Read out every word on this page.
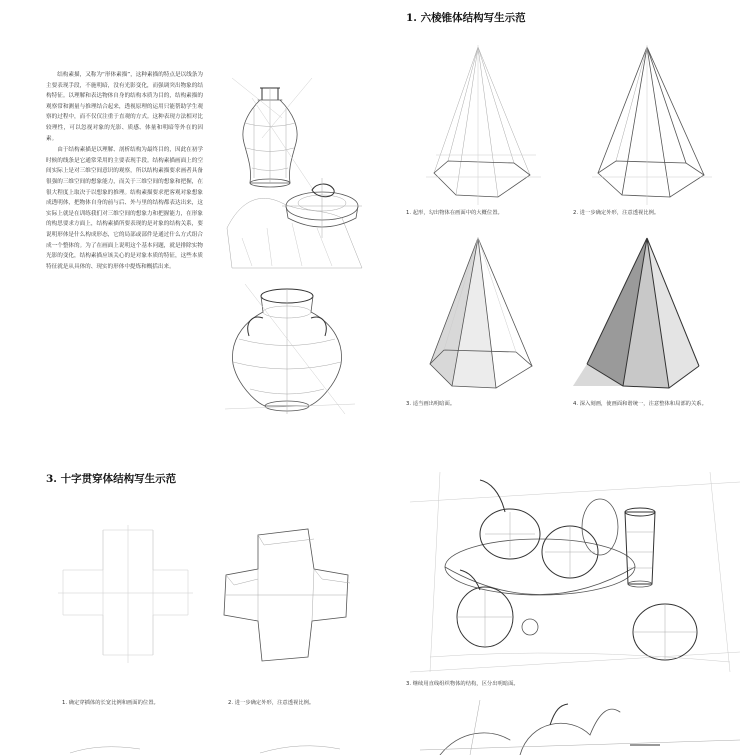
1. 六棱锥体结构写生示范

结构素描，又称为“形体素描”，这种素描的特点是以线条为主要表现手段，不施明暗，没有光影变化，而强调突出物象的结构特征。以理解和表达物体自身的结构本质为目的，结构素描的观察常和测量与推理结合起来，透视原理的运用只能帮助学生观察的过程中，而不仅仅注重于直观的方式。这种表现方法相对比较理性，可以忽视对象的光影、质感、体量和明暗等外在的因素。

由于结构素描是以理解、剖析结构为最终目的，因此在初学时候的线条是它通常采用的主要表现手段。结构素描画面上的空间实际上是对三维空间意识的观察，所以结构素描要求画者具备很强的三维空间的想象能力，而关于三维空间的想象和把握，在很大程度上取决于以想象的推理。结构素描要求把客观对象想象成透明体，把物体自身的前与后、外与里的结构都表达出来，这实际上就是在训练我们对三维空间的想象力和把握能力，在形象的构思要求方面上，结构素描所要表现的是对象的结构关系，要说明形体是什么构成形态，它的局部或部件是通过什么方式组合成一个整体的。为了在画面上说明这个基本问题，就是排除实物光影的变化，结构素描应该关心的是对象本质的特征，这些本质特征就是从具体的、现实的形体中提炼和概括出来。

1. 起形，勾出物体在画面中的大概位置。	2. 进一步确定外形，注意透视比例。
3. 适当画出明暗面。	4. 深入刻画，使画面和谐统一，注意整体和局部的关系。
3. 十字贯穿体结构写生示范
1. 确定穿插体的长宽比例和画面的位置。	2. 进一步确定外形，注意透视比例。
3. 继续用直线组织物体的结构，区分出明暗面。
